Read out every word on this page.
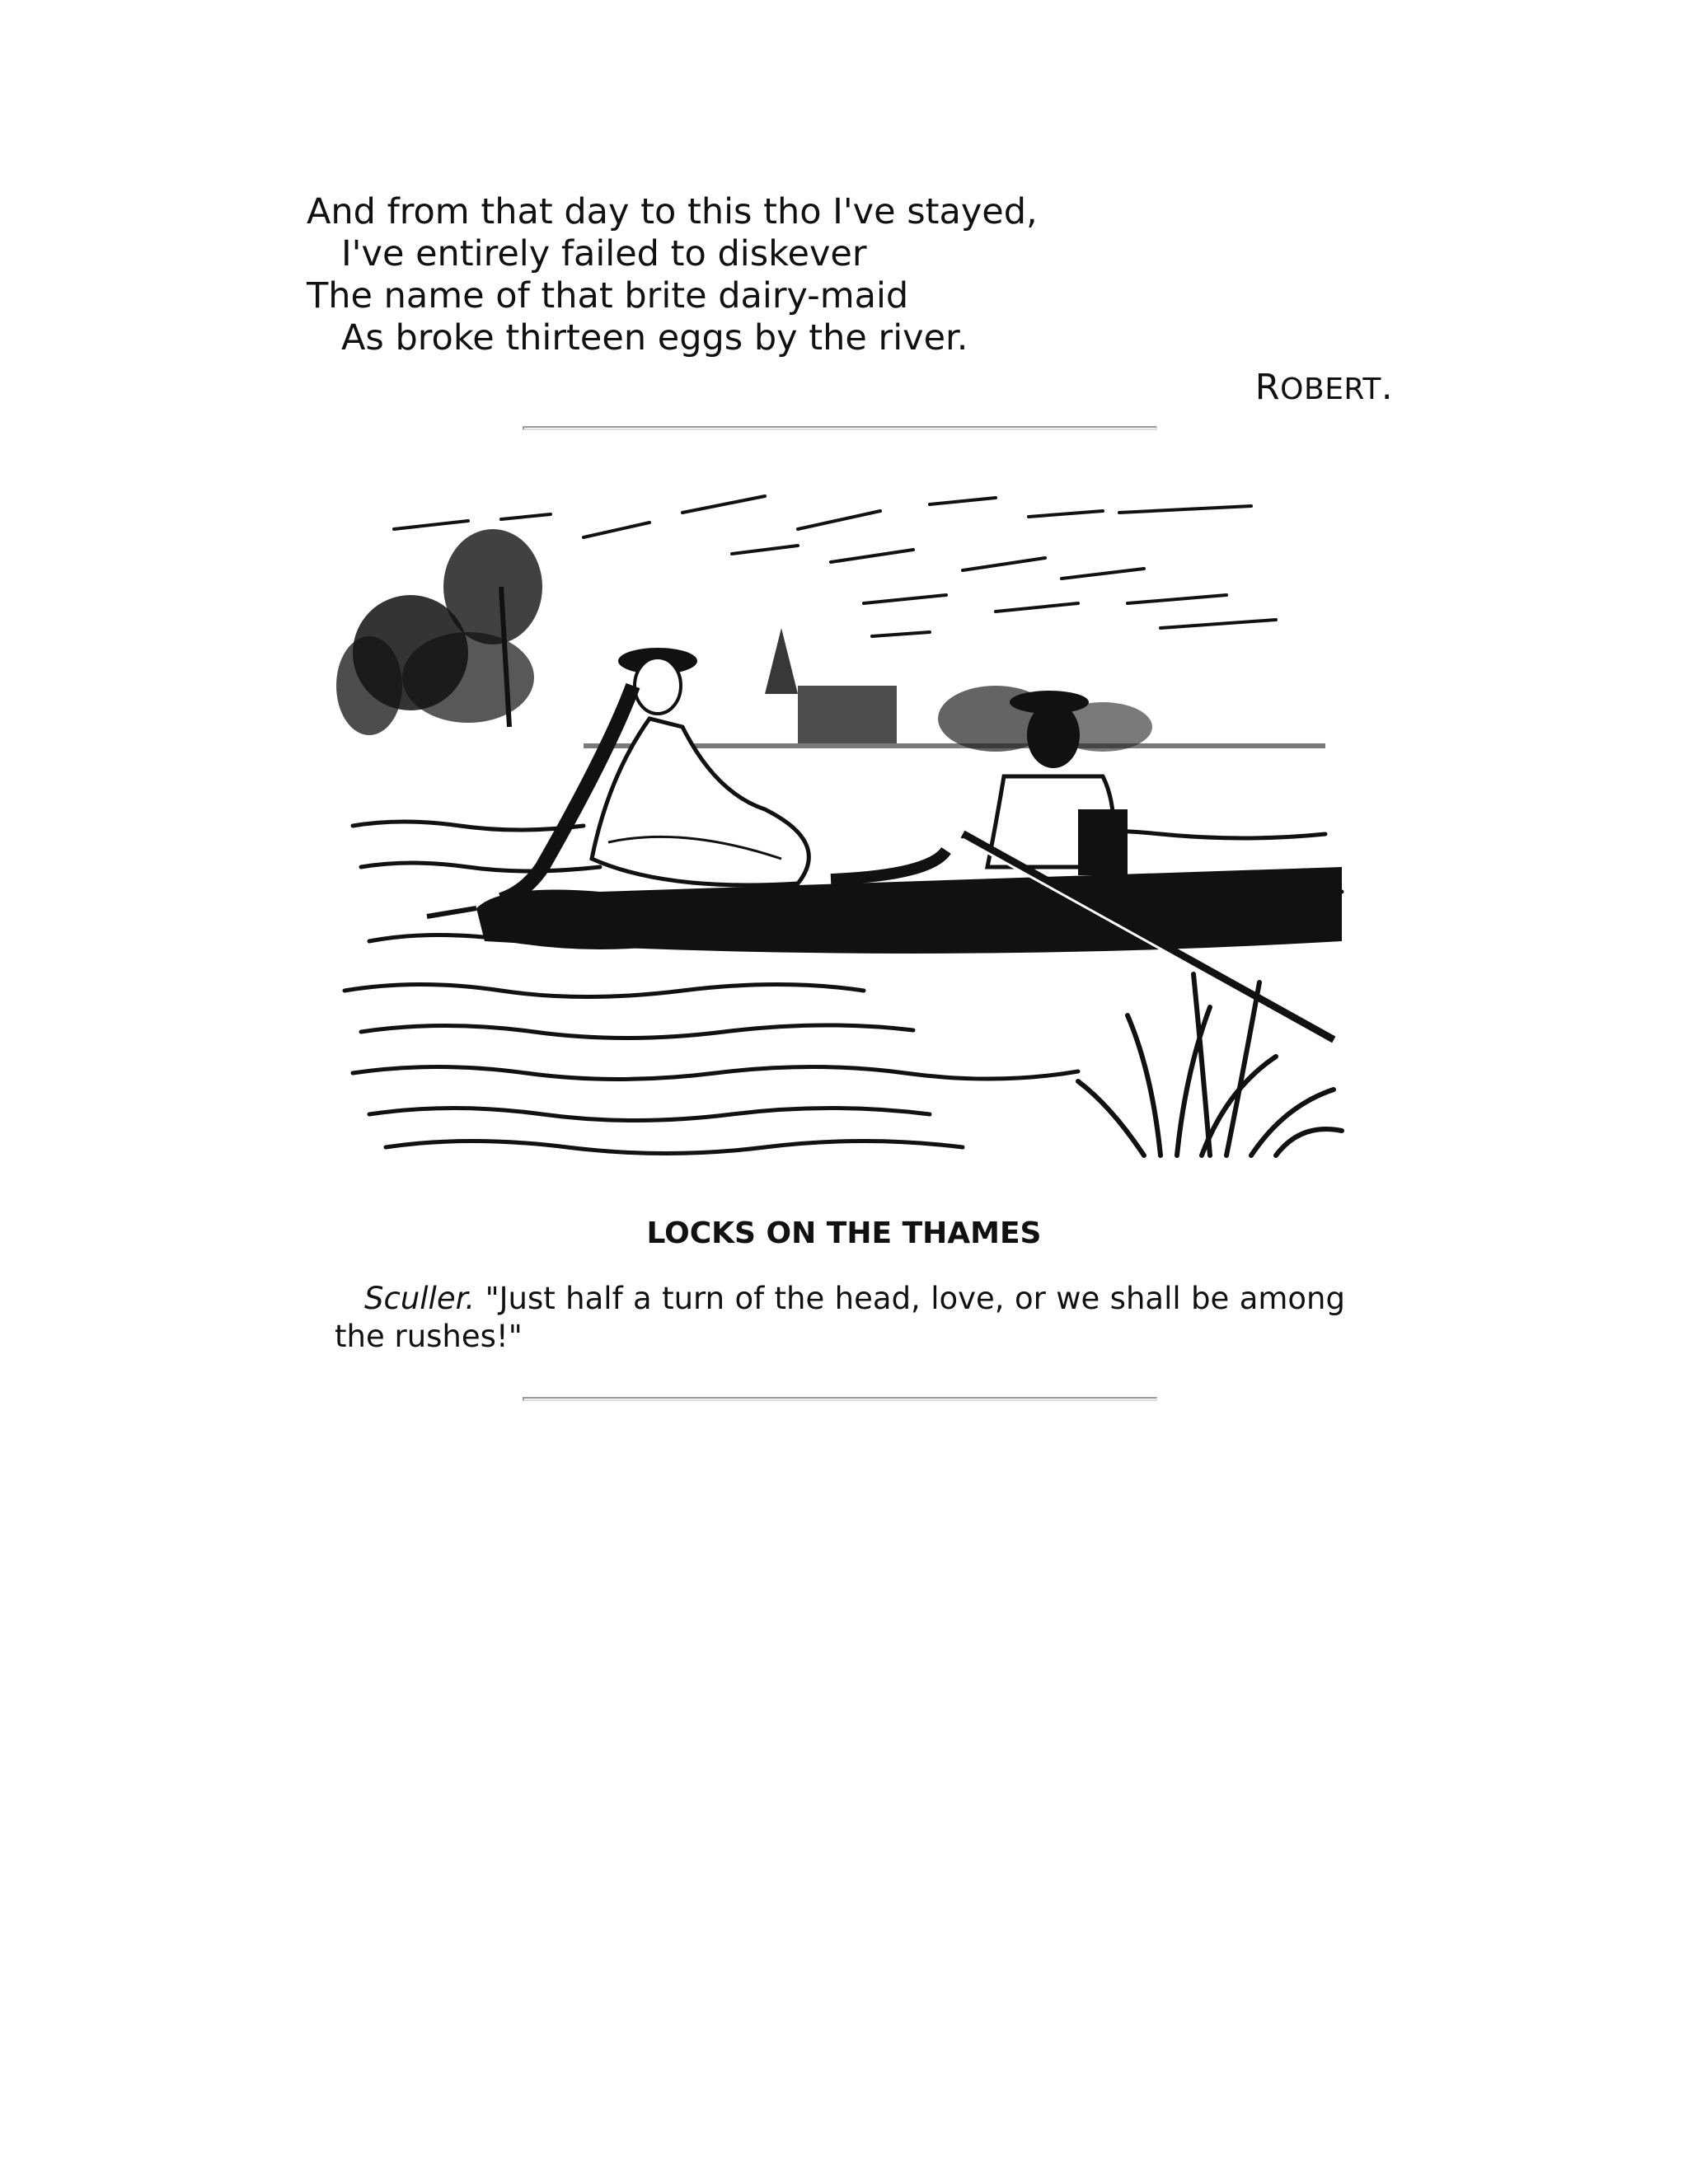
And from that day to this tho I've stayed,
I've entirely failed to diskever
The name of that brite dairy-maid
As broke thirteen eggs by the river.
ROBERT.
LOCKS ON THE THAMES
Sculler. "Just half a turn of the head, love, or we shall be among the rushes!"
